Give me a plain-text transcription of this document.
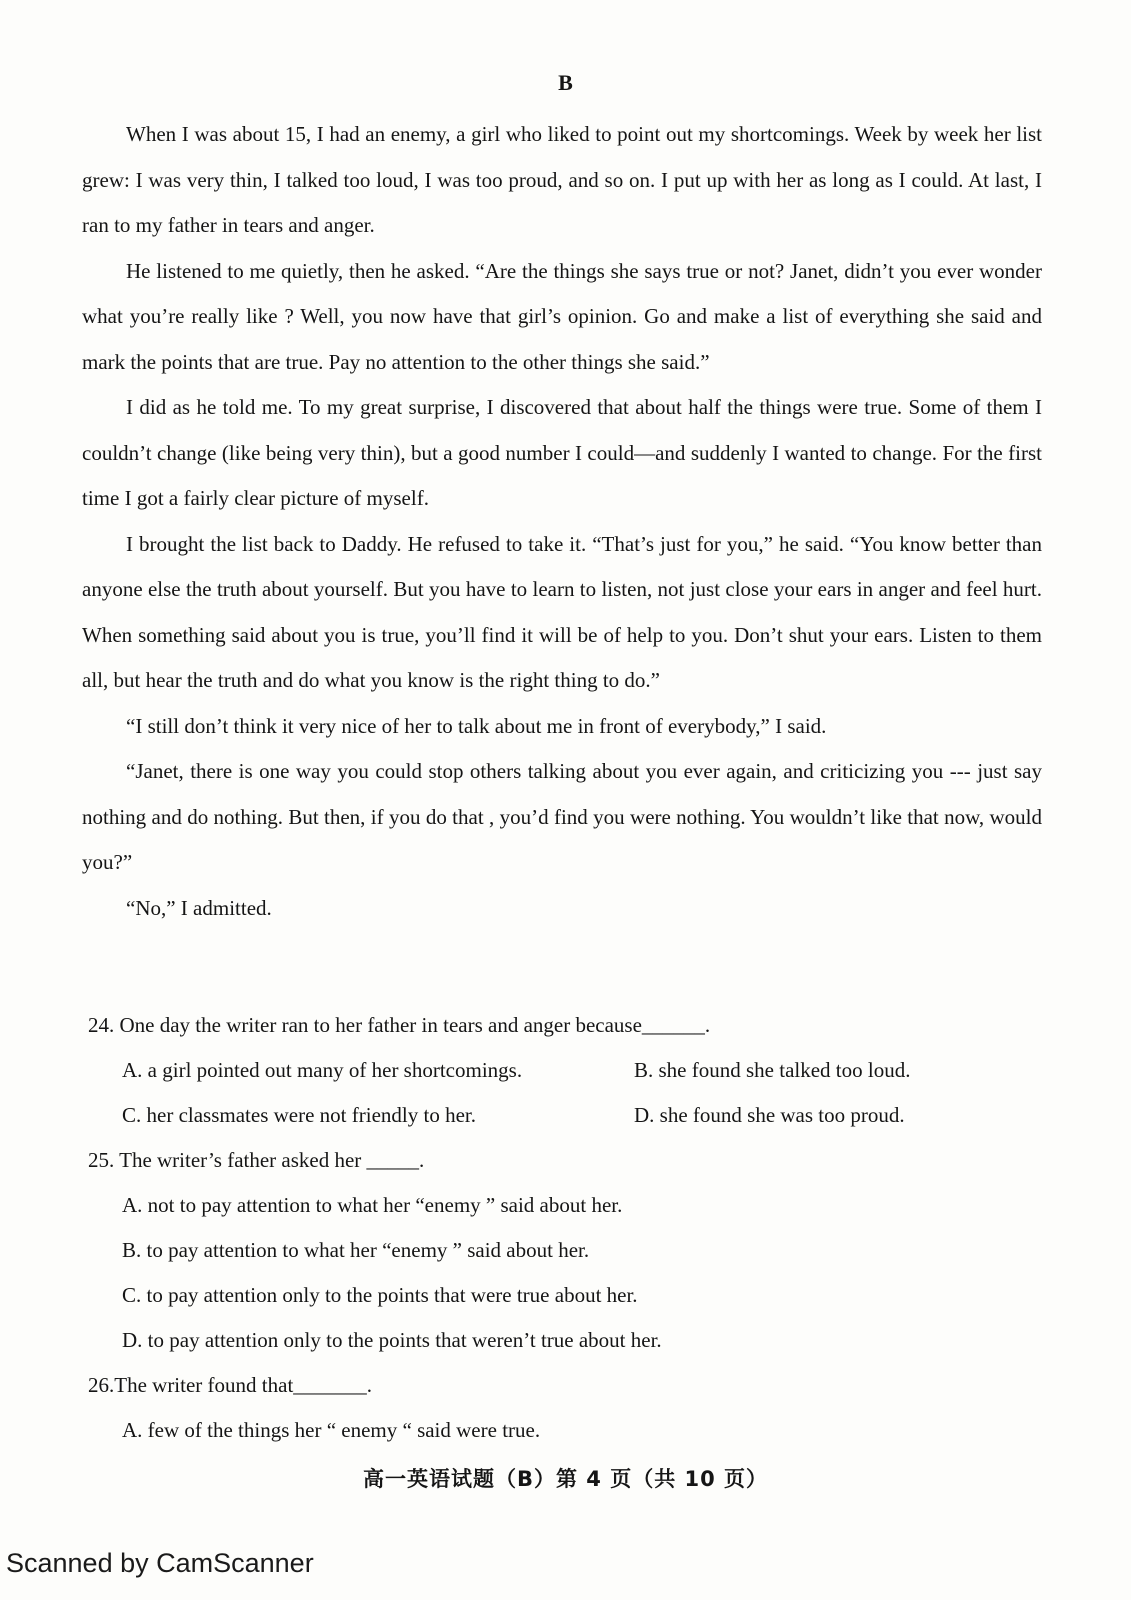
B

When I was about 15, I had an enemy, a girl who liked to point out my shortcomings. Week by week her list grew: I was very thin, I talked too loud, I was too proud, and so on. I put up with her as long as I could. At last, I ran to my father in tears and anger.

He listened to me quietly, then he asked. “Are the things she says true or not? Janet, didn’t you ever wonder what you’re really like ? Well, you now have that girl’s opinion. Go and make a list of everything she said and mark the points that are true. Pay no attention to the other things she said.”

I did as he told me. To my great surprise, I discovered that about half the things were true. Some of them I couldn’t change (like being very thin), but a good number I could—and suddenly I wanted to change. For the first time I got a fairly clear picture of myself.

I brought the list back to Daddy. He refused to take it. “That’s just for you,” he said. “You know better than anyone else the truth about yourself. But you have to learn to listen, not just close your ears in anger and feel hurt. When something said about you is true, you’ll find it will be of help to you. Don’t shut your ears. Listen to them all, but hear the truth and do what you know is the right thing to do.”

“I still don’t think it very nice of her to talk about me in front of everybody,” I said.

“Janet, there is one way you could stop others talking about you ever again, and criticizing you --- just say nothing and do nothing. But then, if you do that , you’d find you were nothing. You wouldn’t like that now, would you?”

“No,” I admitted.

24. One day the writer ran to her father in tears and anger because______.

A. a girl pointed out many of her shortcomings.	B. she found she talked too loud.

C. her classmates were not friendly to her.	D. she found she was too proud.

25. The writer’s father asked her _____.

A. not to pay attention to what her “enemy ” said about her.

B. to pay attention to what her “enemy ” said about her.

C. to pay attention only to the points that were true about her.

D. to pay attention only to the points that weren’t true about her.

26.The writer found that_______.

A. few of the things her “ enemy “ said were true.

高一英语试题（B）第 4 页（共 10 页）
Scanned by CamScanner
